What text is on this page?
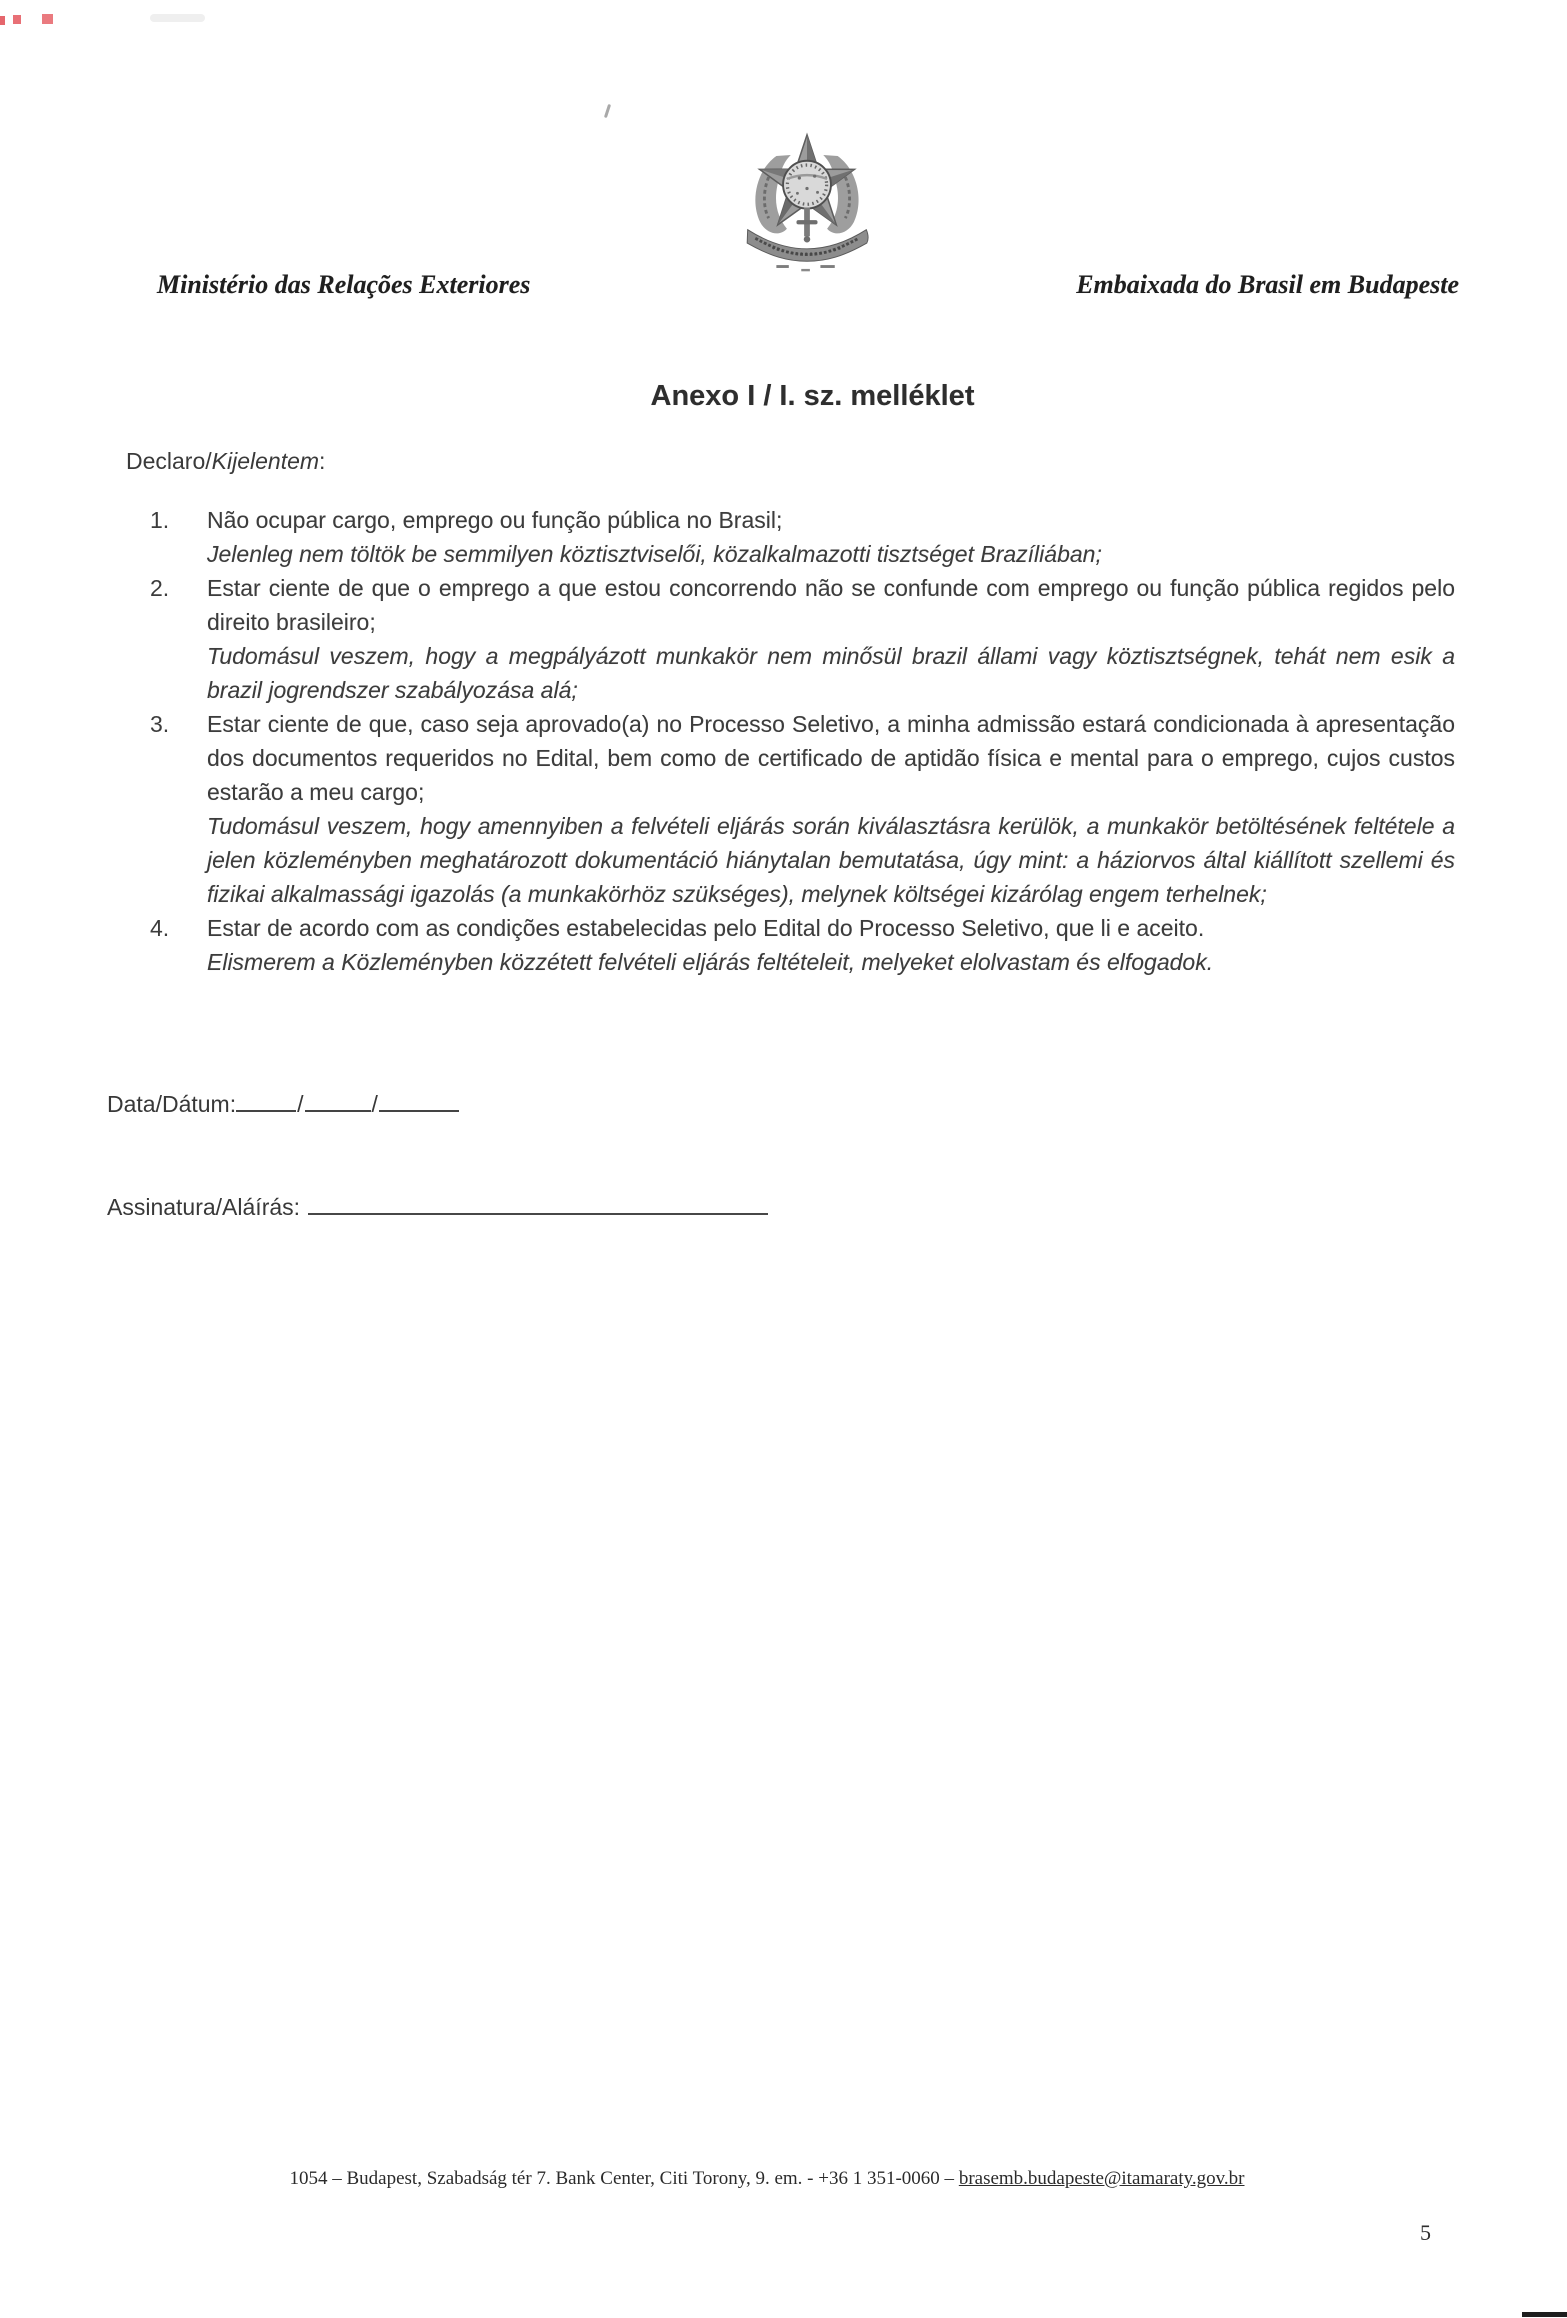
Ministério das Relações Exteriores	Embaixada do Brasil em Budapeste
Anexo I / I. sz. melléklet
Declaro/Kijelentem:
1.	Não ocupar cargo, emprego ou função pública no Brasil;
Jelenleg nem töltök be semmilyen köztisztviselői, közalkalmazotti tisztséget Brazíliában;
2.	Estar ciente de que o emprego a que estou concorrendo não se confunde com emprego ou função pública regidos pelo direito brasileiro;
Tudomásul veszem, hogy a megpályázott munkakör nem minősül brazil állami vagy köztisztségnek, tehát nem esik a brazil jogrendszer szabályozása alá;
3.	Estar ciente de que, caso seja aprovado(a) no Processo Seletivo, a minha admissão estará condicionada à apresentação dos documentos requeridos no Edital, bem como de certificado de aptidão física e mental para o emprego, cujos custos estarão a meu cargo;
Tudomásul veszem, hogy amennyiben a felvételi eljárás során kiválasztásra kerülök, a munkakör betöltésének feltétele a jelen közleményben meghatározott dokumentáció hiánytalan bemutatása, úgy mint: a háziorvos által kiállított szellemi és fizikai alkalmassági igazolás (a munkakörhöz szükséges), melynek költségei kizárólag engem terhelnek;
4.	Estar de acordo com as condições estabelecidas pelo Edital do Processo Seletivo, que li e aceito.
Elismerem a Közleményben közzétett felvételi eljárás feltételeit, melyeket elolvastam és elfogadok.
Data/Dátum:	/	/
Assinatura/Aláírás:
1054 – Budapest, Szabadság tér 7. Bank Center, Citi Torony, 9. em. - +36 1 351-0060 – brasemb.budapeste@itamaraty.gov.br
5
